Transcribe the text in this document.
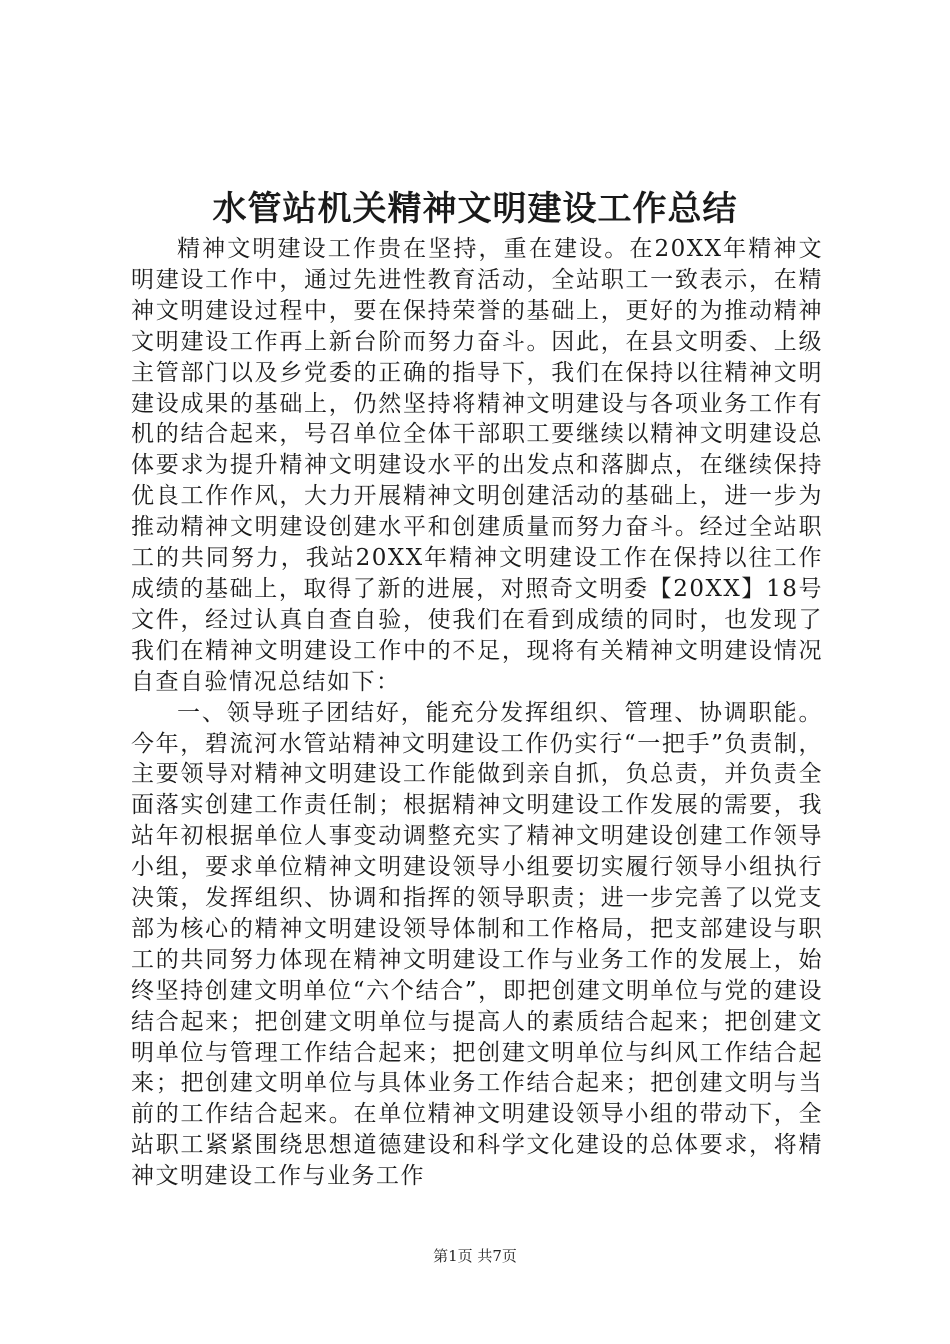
水管站机关精神文明建设工作总结

精神文明建设工作贵在坚持，重在建设。在20XX年精神文明建设工作中，通过先进性教育活动，全站职工一致表示，在精神文明建设过程中，要在保持荣誉的基础上，更好的为推动精神文明建设工作再上新台阶而努力奋斗。因此，在县文明委、上级主管部门以及乡党委的正确的指导下，我们在保持以往精神文明建设成果的基础上，仍然坚持将精神文明建设与各项业务工作有机的结合起来，号召单位全体干部职工要继续以精神文明建设总体要求为提升精神文明建设水平的出发点和落脚点，在继续保持优良工作作风，大力开展精神文明创建活动的基础上，进一步为推动精神文明建设创建水平和创建质量而努力奋斗。经过全站职工的共同努力，我站20XX年精神文明建设工作在保持以往工作成绩的基础上，取得了新的进展，对照奇文明委【20XX】18号文件，经过认真自查自验，使我们在看到成绩的同时，也发现了我们在精神文明建设工作中的不足，现将有关精神文明建设情况自查自验情况总结如下：

一、领导班子团结好，能充分发挥组织、管理、协调职能。今年，碧流河水管站精神文明建设工作仍实行“一把手”负责制，主要领导对精神文明建设工作能做到亲自抓，负总责，并负责全面落实创建工作责任制；根据精神文明建设工作发展的需要，我站年初根据单位人事变动调整充实了精神文明建设创建工作领导小组，要求单位精神文明建设领导小组要切实履行领导小组执行决策，发挥组织、协调和指挥的领导职责；进一步完善了以党支部为核心的精神文明建设领导体制和工作格局，把支部建设与职工的共同努力体现在精神文明建设工作与业务工作的发展上，始终坚持创建文明单位“六个结合”，即把创建文明单位与党的建设结合起来；把创建文明单位与提高人的素质结合起来；把创建文明单位与管理工作结合起来；把创建文明单位与纠风工作结合起来；把创建文明单位与具体业务工作结合起来；把创建文明与当前的工作结合起来。在单位精神文明建设领导小组的带动下，全站职工紧紧围绕思想道德建设和科学文化建设的总体要求，将精神文明建设工作与业务工作

第1页 共7页
